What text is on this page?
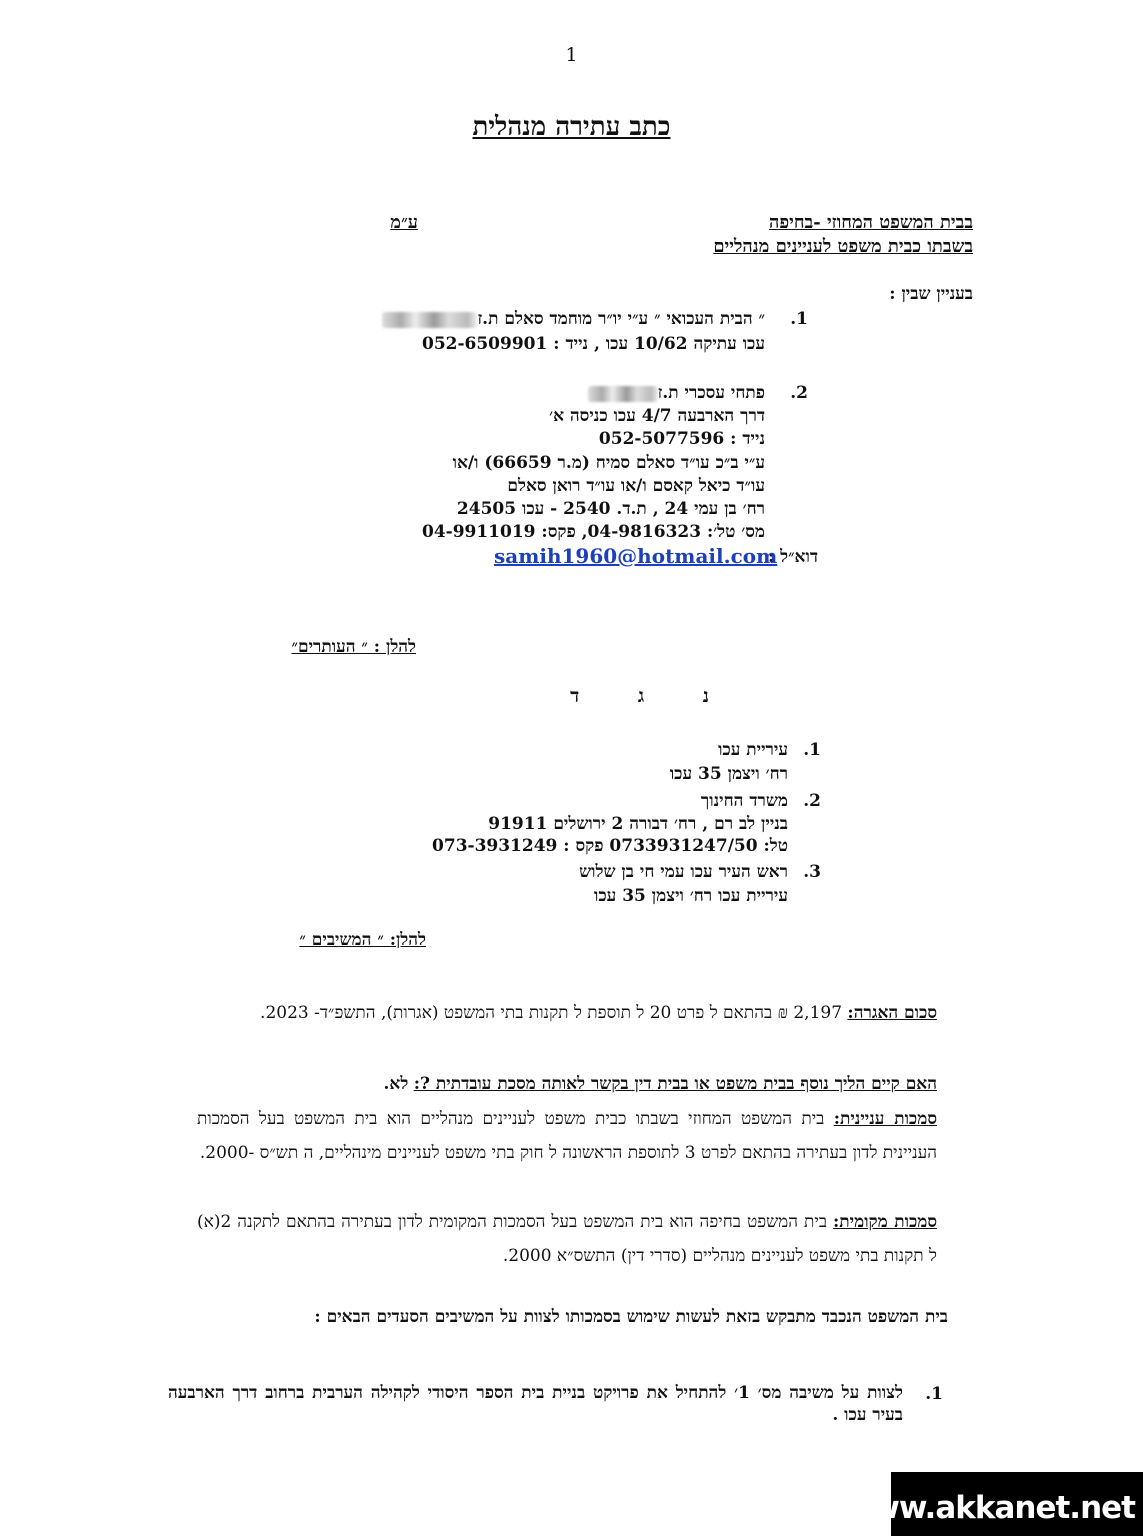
1
כתב עתירה מנהלית
בבית המשפט המחוזי -בחיפה
ע״מ
בשבתו כבית משפט לעניינים מנהליים
בעניין שבין :
1.
״ הבית העכואי ״ ע״י יו״ר מוחמד סאלם ת.ז
עכו עתיקה 10/62 עכו , נייד : 052-6509901
2.
פתחי עסכרי ת.ז
דרך הארבעה 4/7 עכו כניסה א׳
נייד : 052-5077596
ע״י ב״כ עו״ד סאלם סמיח (מ.ר 66659) ו/או
עו״ד כיאל קאסם ו/או עו״ד רואן סאלם
רח׳ בן עמי 24 , ת.ד. 2540 - עכו 24505
מס׳ טל׳: 04-9816323, פקס: 04-9911019
דוא״ל :
samih1960@hotmail.com
להלן : ״ העותרים״
נ ג ד
1.
עיריית עכו
רח׳ ויצמן 35 עכו
2.
משרד החינוך
בניין לב רם , רח׳ דבורה 2 ירושלים 91911
טל: 0733931247/50 פקס : 073-3931249
3.
ראש העיר עכו עמי חי בן שלוש
עיריית עכו רח׳ ויצמן 35 עכו
להלן: ״ המשיבים ״
סכום האגרה: 2,197 ₪ בהתאם ל פרט 20 ל תוספת ל תקנות בתי המשפט (אגרות), התשפ״ד- 2023.
האם קיים הליך נוסף בבית משפט או בבית דין בקשר לאותה מסכת עובדתית ?: לא.
סמכות עניינית: בית המשפט המחוזי בשבתו כבית משפט לעניינים מנהליים הוא בית המשפט בעל הסמכות העניינית לדון בעתירה בהתאם לפרט 3 לתוספת הראשונה ל חוק בתי משפט לעניינים מינהליים, ה תש״ס -2000.
סמכות מקומית: בית המשפט בחיפה הוא בית המשפט בעל הסמכות המקומית לדון בעתירה בהתאם לתקנה 2(א) ל תקנות בתי משפט לעניינים מנהליים (סדרי דין) התשס״א 2000.
בית המשפט הנכבד מתבקש בזאת לעשות שימוש בסמכותו לצוות על המשיבים הסעדים הבאים :
1.
לצוות על משיבה מס׳ 1׳ להתחיל את פרויקט בניית בית הספר היסודי לקהילה הערבית ברחוב דרך הארבעה בעיר עכו .
www.akkanet.net
